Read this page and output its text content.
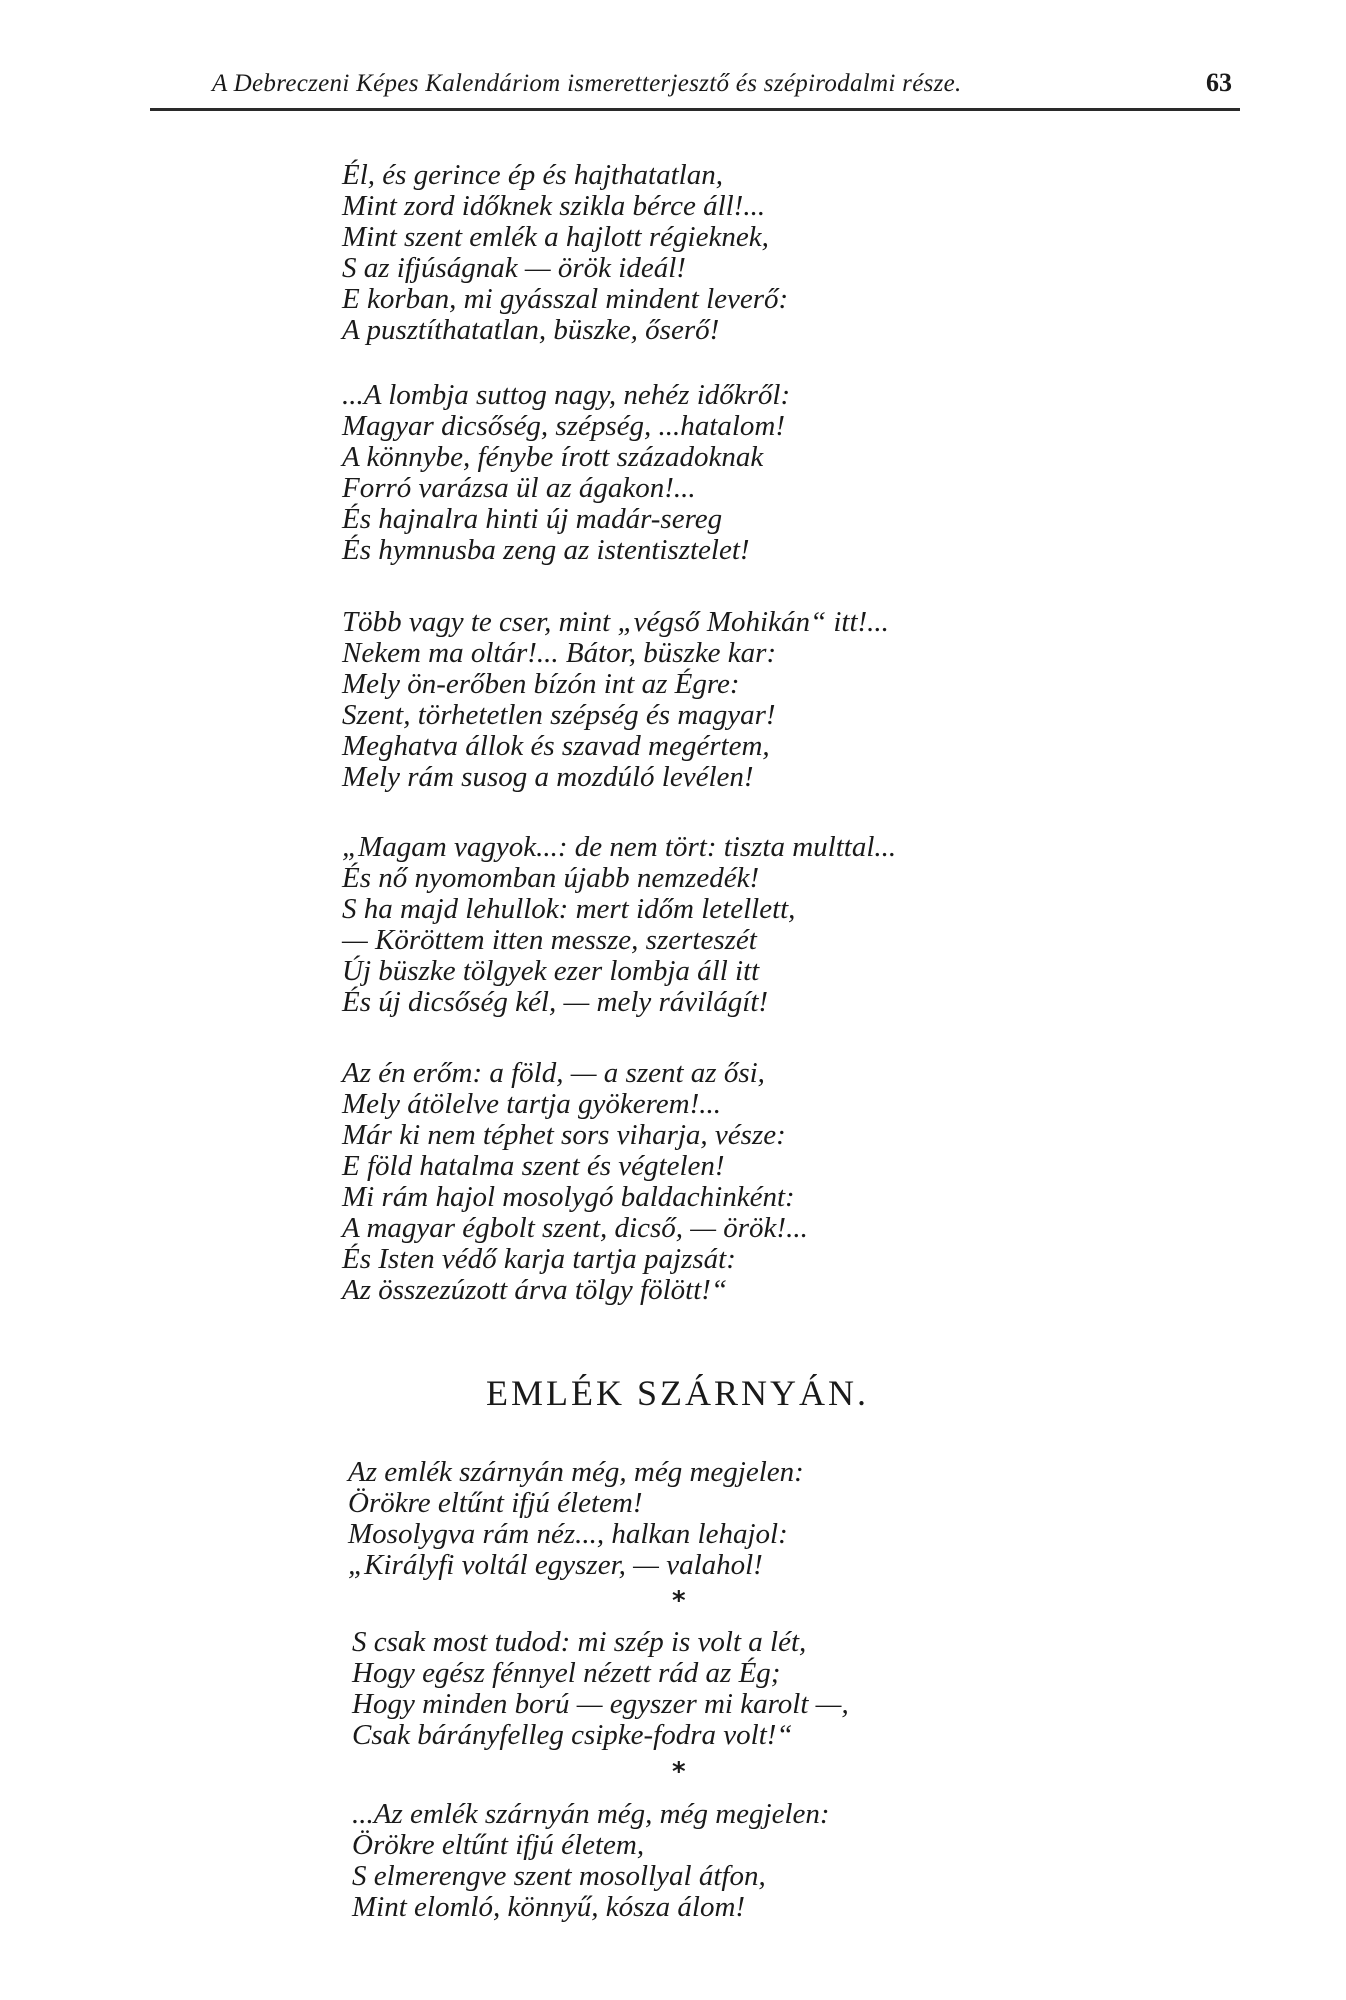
A Debreczeni Képes Kalendáriom ismeretterjesztő és szépirodalmi része.	63
Él, és gerince ép és hajthatatlan,
Mint zord időknek szikla bérce áll!...
Mint szent emlék a hajlott régieknek,
S az ifjúságnak — örök ideál!
E korban, mi gyásszal mindent leverő:
A pusztíthatatlan, büszke, őserő!
...A lombja suttog nagy, nehéz időkről:
Magyar dicsőség, szépség, ...hatalom!
A könnybe, fénybe írott századoknak
Forró varázsa ül az ágakon!...
És hajnalra hinti új madár-sereg
És hymnusba zeng az istentisztelet!
Több vagy te cser, mint „végső Mohikán“ itt!...
Nekem ma oltár!... Bátor, büszke kar:
Mely ön-erőben bízón int az Égre:
Szent, törhetetlen szépség és magyar!
Meghatva állok és szavad megértem,
Mely rám susog a mozdúló levélen!
„Magam vagyok...: de nem tört: tiszta multtal...
És nő nyomomban újabb nemzedék!
S ha majd lehullok: mert időm letellett,
— Köröttem itten messze, szerteszét
Új büszke tölgyek ezer lombja áll itt
És új dicsőség kél, — mely rávilágít!
Az én erőm: a föld, — a szent az ősi,
Mely átölelve tartja gyökerem!...
Már ki nem téphet sors viharja, vésze:
E föld hatalma szent és végtelen!
Mi rám hajol mosolygó baldachinként:
A magyar égbolt szent, dicső, — örök!...
És Isten védő karja tartja pajzsát:
Az összezúzott árva tölgy fölött!“
EMLÉK SZÁRNYÁN.
Az emlék szárnyán még, még megjelen:
Örökre eltűnt ifjú életem!
Mosolygva rám néz..., halkan lehajol:
„Királyfi voltál egyszer, — valahol!
*
S csak most tudod: mi szép is volt a lét,
Hogy egész fénnyel nézett rád az Ég;
Hogy minden ború — egyszer mi karolt —,
Csak bárányfelleg csipke-fodra volt!“
*
...Az emlék szárnyán még, még megjelen:
Örökre eltűnt ifjú életem,
S elmerengve szent mosollyal átfon,
Mint elomló, könnyű, kósza álom!
